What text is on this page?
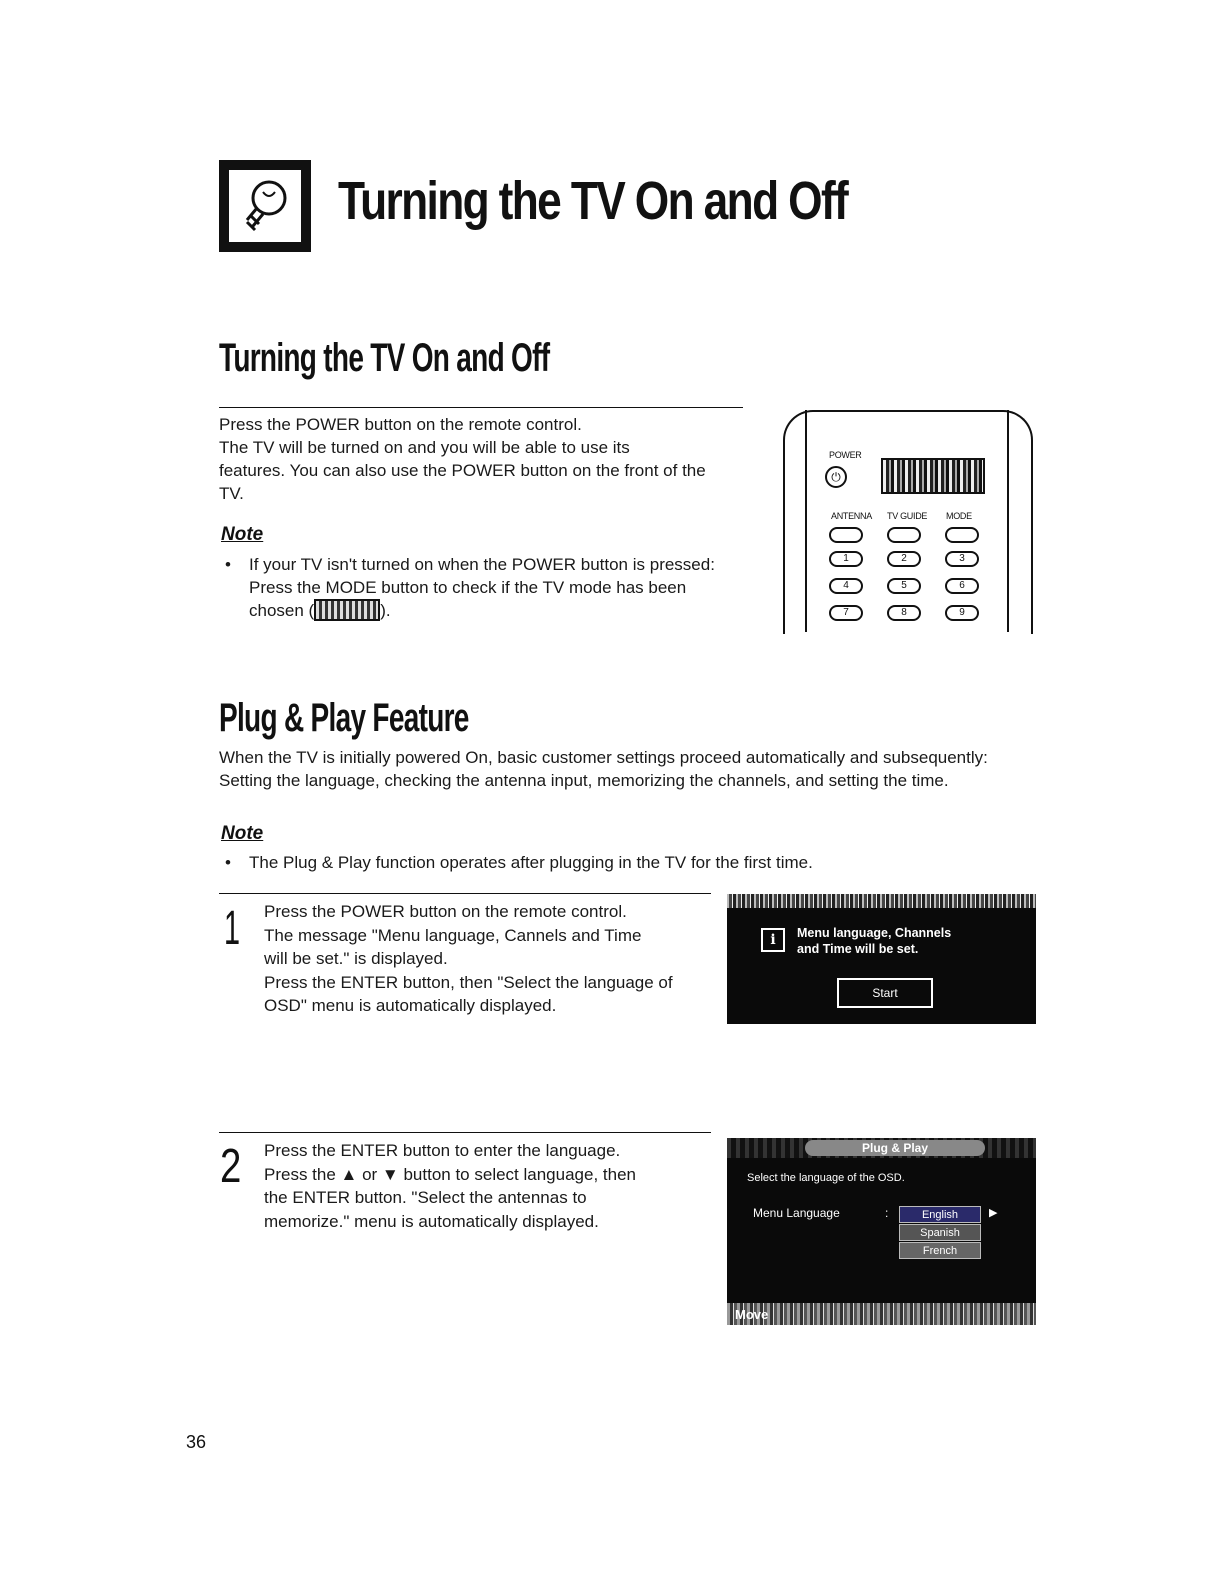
Turning the TV On and Off
Turning the TV On and Off
Press the POWER button on the remote control.
The TV will be turned on and you will be able to use its
features. You can also use the POWER button on the front of the
TV.
Note
• If your TV isn't turned on when the POWER button is pressed:
Press the MODE button to check if the TV mode has been
chosen (	).
POWER
⏻
ANTENNA TV GUIDE MODE
1	2	3
4	5	6
7	8	9
Plug & Play Feature
When the TV is initially powered On, basic customer settings proceed automatically and subsequently:
Setting the language, checking the antenna input, memorizing the channels, and setting the time.
Note
• The Plug & Play function operates after plugging in the TV for the first time.
1 Press the POWER button on the remote control.
The message "Menu language, Cannels and Time
will be set." is displayed.
Press the ENTER button, then "Select the language of
OSD" menu is automatically displayed.
i	Menu language, Channels
and Time will be set.
Start
2 Press the ENTER button to enter the language.
Press the ▲ or ▼ button to select language, then
the ENTER button. "Select the antennas to
memorize." menu is automatically displayed.
Plug & Play
Select the language of the OSD.
Menu Language	:	English
Spanish
French
▶
Move
36
